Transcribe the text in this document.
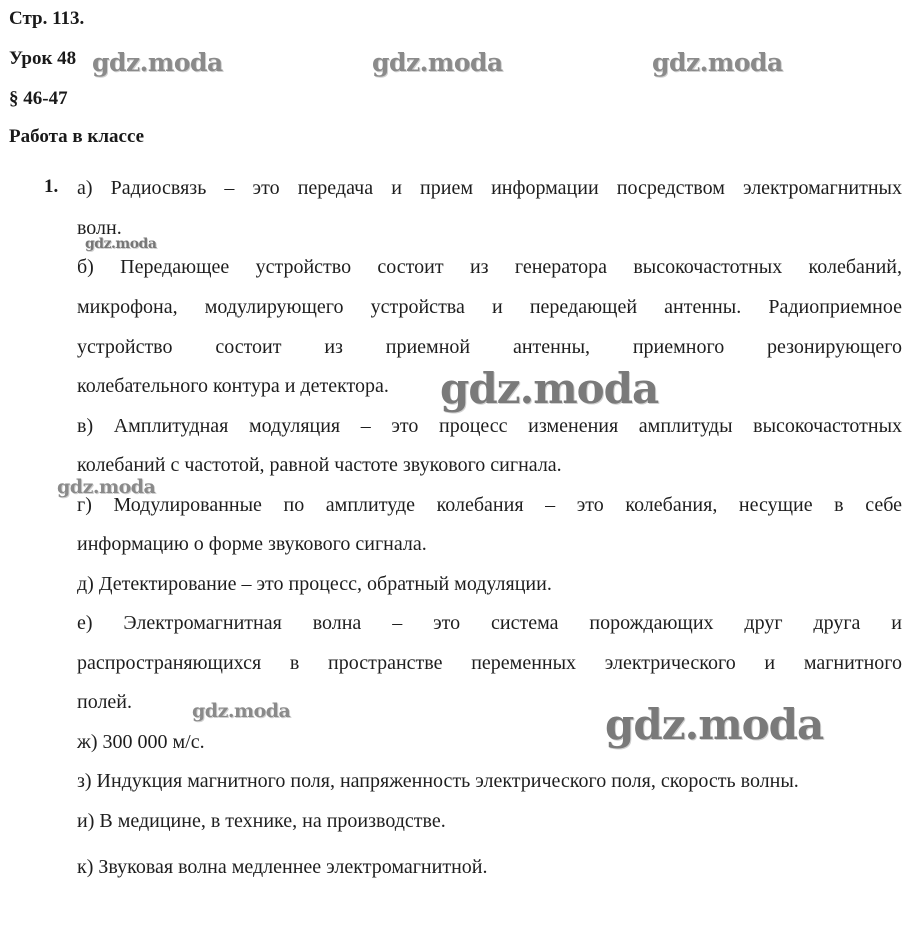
Стр. 113.
Урок 48
§ 46-47
Работа в классе
1. а) Радиосвязь – это передача и прием информации посредством электромагнитных
волн.
б) Передающее устройство состоит из генератора высокочастотных колебаний,
микрофона, модулирующего устройства и передающей антенны. Радиоприемное
устройство состоит из приемной антенны, приемного резонирующего
колебательного контура и детектора.
в) Амплитудная модуляция – это процесс изменения амплитуды высокочастотных
колебаний с частотой, равной частоте звукового сигнала.
г) Модулированные по амплитуде колебания – это колебания, несущие в себе
информацию о форме звукового сигнала.
д) Детектирование – это процесс, обратный модуляции.
е) Электромагнитная волна – это система порождающих друг друга и
распространяющихся в пространстве переменных электрического и магнитного
полей.
ж) 300 000 м/с.
з) Индукция магнитного поля, напряженность электрического поля, скорость волны.
и) В медицине, в технике, на производстве.
к) Звуковая волна медленнее электромагнитной.
gdz.moda	gdz.moda	gdz.moda
gdz.moda
gdz.moda
gdz.moda
gdz.moda	gdz.moda
